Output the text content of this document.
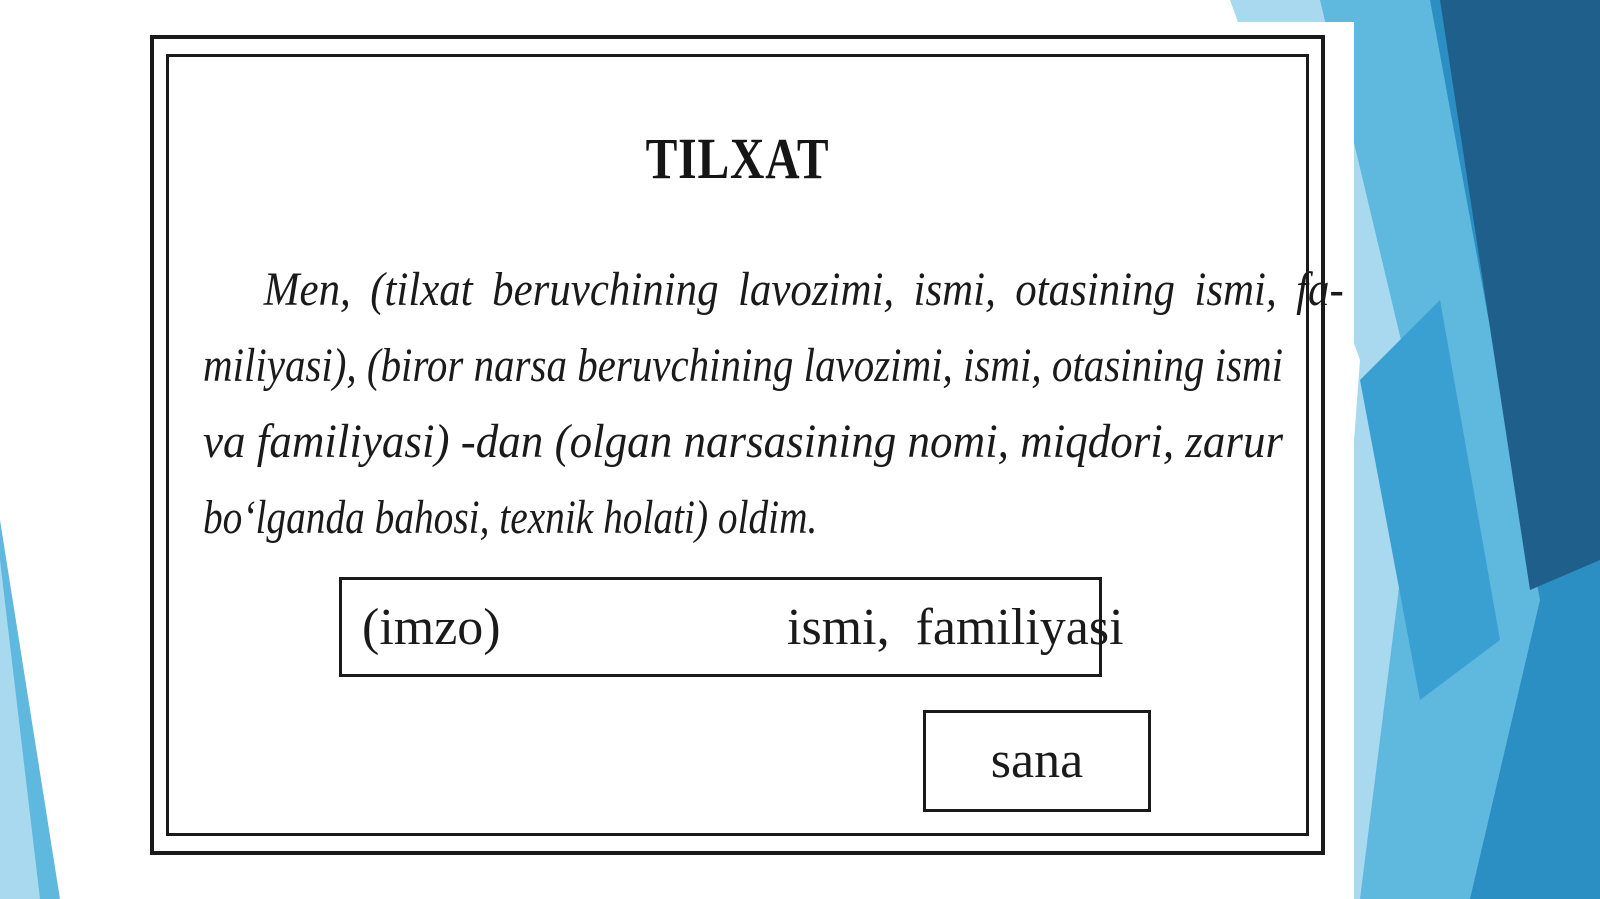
TILXAT
Men, (tilxat beruvchining lavozimi, ismi, otasining ismi, fa-
miliyasi), (biror narsa beruvchining lavozimi, ismi, otasining ismi
va familiyasi) -dan (olgan narsasining nomi, miqdori, zarur
bo‘lganda bahosi, texnik holati) oldim.
(imzo)	ismi,  familiyasi
sana
